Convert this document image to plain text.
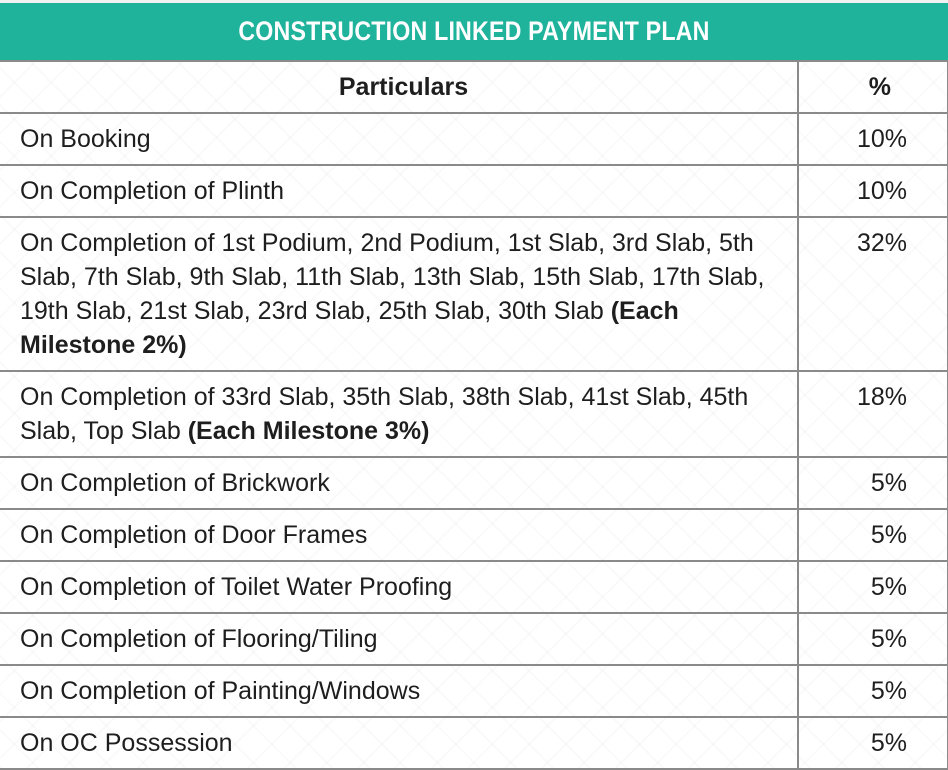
CONSTRUCTION LINKED PAYMENT PLAN
Particulars	%
On Booking	10%
On Completion of Plinth	10%
On Completion of 1st Podium, 2nd Podium, 1st Slab, 3rd Slab, 5th Slab, 7th Slab, 9th Slab, 11th Slab, 13th Slab, 15th Slab, 17th Slab, 19th Slab, 21st Slab, 23rd Slab, 25th Slab, 30th Slab (Each Milestone 2%)	32%
On Completion of 33rd Slab, 35th Slab, 38th Slab, 41st Slab, 45th Slab, Top Slab (Each Milestone 3%)	18%
On Completion of Brickwork	5%
On Completion of Door Frames	5%
On Completion of Toilet Water Proofing	5%
On Completion of Flooring/Tiling	5%
On Completion of Painting/Windows	5%
On OC Possession	5%
